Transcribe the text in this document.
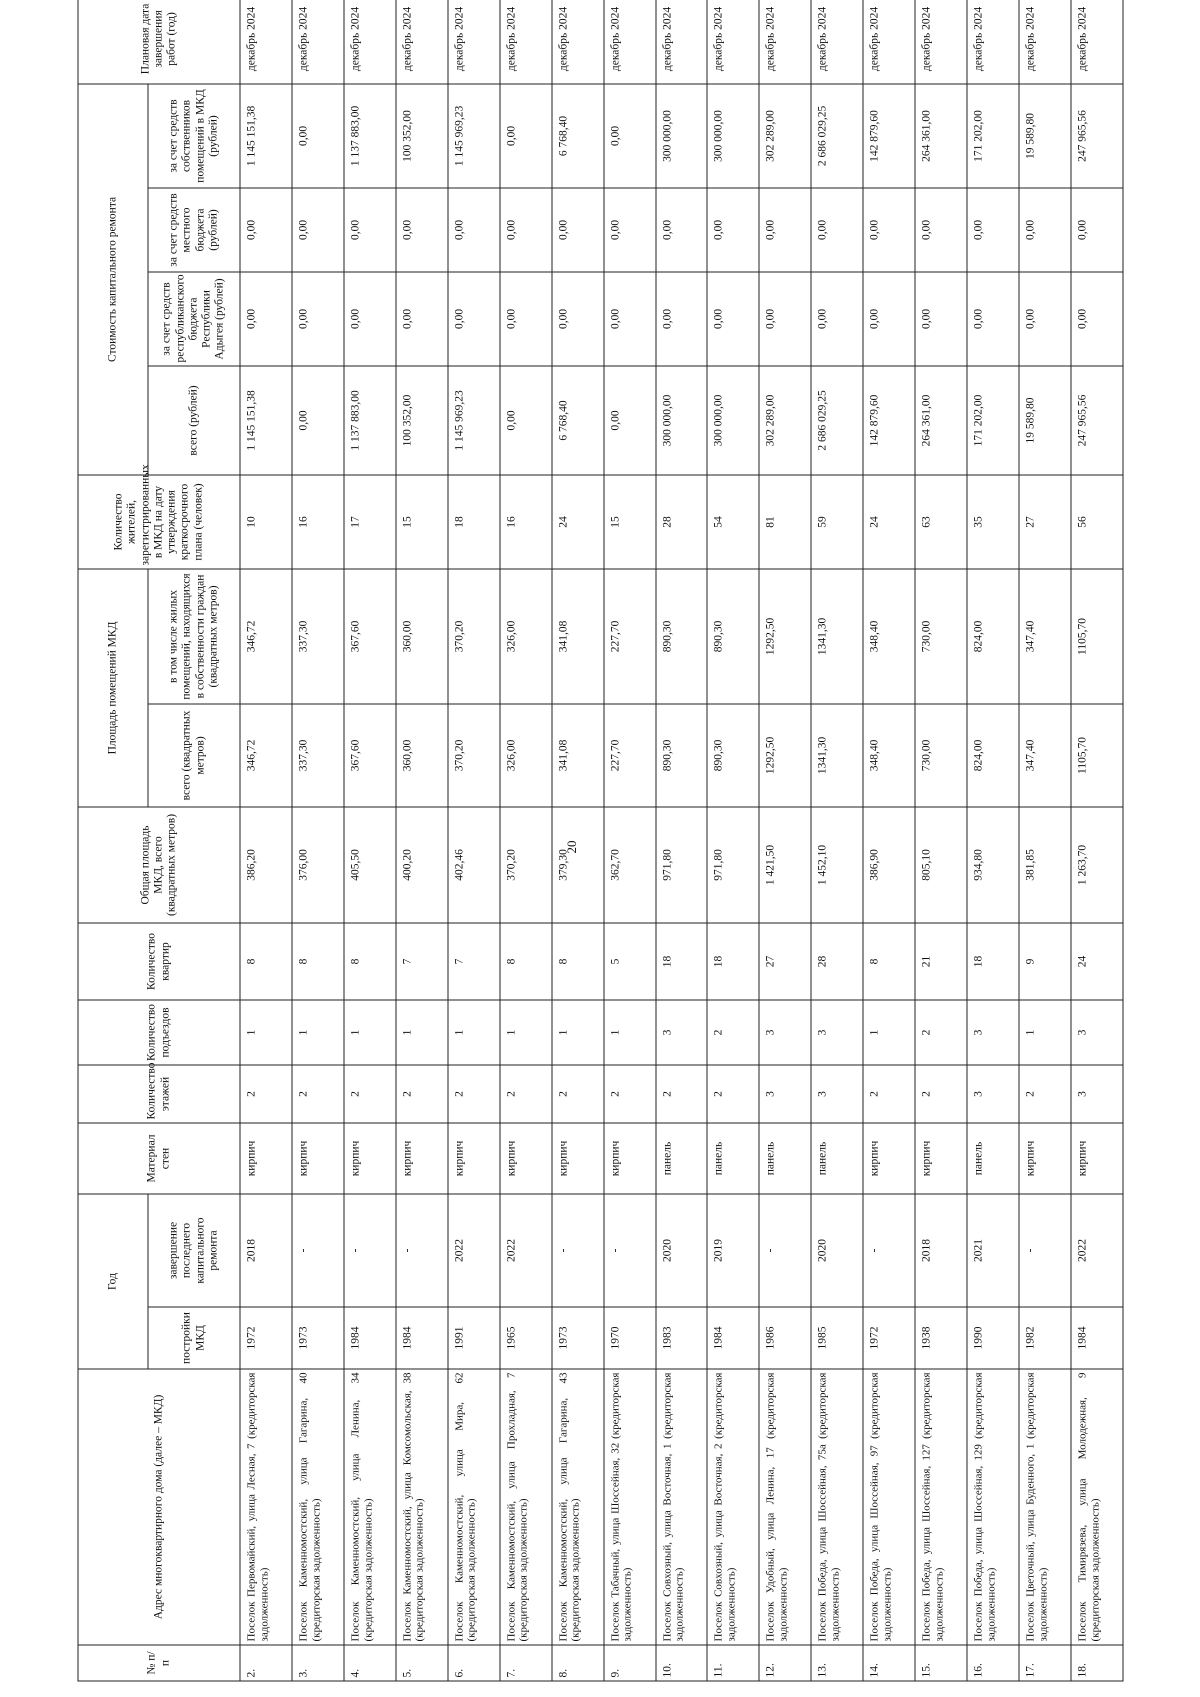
20
№ п/п	Адрес многоквартирного дома (далее – МКД)	Год		Материал стен	Количество этажей	Количество подъездов	Количество квартир	Общая площадь МКД, всего (квадратных метров)	Площадь помещений МКД		Количество жителей, зарегистрированных в МКД на дату утверждения краткосрочного плана (человек)	Стоимость капитального ремонта				Плановая дата завершения работ (год)
		постройки МКД	завершение последнего капитального ремонта						всего (квадратных метров)	в том числе жилых помещений, находящихся в собственности граждан (квадратных метров)		всего (рублей)	за счет средств республиканского бюджета Республики Адыгея (рублей)	за счет средств местного бюджета (рублей)	за счет средств собственников помещений в МКД (рублей)	
2.	Поселок Первомайский, улица Лесная, 7 (кредиторская задолженность)	1972	2018	кирпич	2	1	8	386,20	346,72	346,72	10	1 145 151,38	0,00	0,00	1 145 151,38	декабрь 2024
3.	Поселок Каменномостский, улица Гагарина, 40 (кредиторская задолженность)	1973	-	кирпич	2	1	8	376,00	337,30	337,30	16	0,00	0,00	0,00	0,00	декабрь 2024
4.	Поселок Каменномостский, улица Ленина, 34 (кредиторская задолженность)	1984	-	кирпич	2	1	8	405,50	367,60	367,60	17	1 137 883,00	0,00	0,00	1 137 883,00	декабрь 2024
5.	Поселок Каменномостский, улица Комсомольская, 38 (кредиторская задолженность)	1984	-	кирпич	2	1	7	400,20	360,00	360,00	15	100 352,00	0,00	0,00	100 352,00	декабрь 2024
6.	Поселок Каменномостский, улица Мира, 62 (кредиторская задолженность)	1991	2022	кирпич	2	1	7	402,46	370,20	370,20	18	1 145 969,23	0,00	0,00	1 145 969,23	декабрь 2024
7.	Поселок Каменномостский, улица Прохладная, 7 (кредиторская задолженность)	1965	2022	кирпич	2	1	8	370,20	326,00	326,00	16	0,00	0,00	0,00	0,00	декабрь 2024
8.	Поселок Каменномостский, улица Гагарина, 43 (кредиторская задолженность)	1973	-	кирпич	2	1	8	379,30	341,08	341,08	24	6 768,40	0,00	0,00	6 768,40	декабрь 2024
9.	Поселок Табачный, улица Шоссейная, 32 (кредиторская задолженность)	1970	-	кирпич	2	1	5	362,70	227,70	227,70	15	0,00	0,00	0,00	0,00	декабрь 2024
10.	Поселок Совхозный, улица Восточная, 1 (кредиторская задолженность)	1983	2020	панель	2	3	18	971,80	890,30	890,30	28	300 000,00	0,00	0,00	300 000,00	декабрь 2024
11.	Поселок Совхозный, улица Восточная, 2 (кредиторская задолженность)	1984	2019	панель	2	2	18	971,80	890,30	890,30	54	300 000,00	0,00	0,00	300 000,00	декабрь 2024
12.	Поселок Удобный, улица Ленина, 17 (кредиторская задолженность)	1986	-	панель	3	3	27	1 421,50	1292,50	1292,50	81	302 289,00	0,00	0,00	302 289,00	декабрь 2024
13.	Поселок Победа, улица Шоссейная, 75а (кредиторская задолженность)	1985	2020	панель	3	3	28	1 452,10	1341,30	1341,30	59	2 686 029,25	0,00	0,00	2 686 029,25	декабрь 2024
14.	Поселок Победа, улица Шоссейная, 97 (кредиторская задолженность)	1972	-	кирпич	2	1	8	386,90	348,40	348,40	24	142 879,60	0,00	0,00	142 879,60	декабрь 2024
15.	Поселок Победа, улица Шоссейная, 127 (кредиторская задолженность)	1938	2018	кирпич	2	2	21	805,10	730,00	730,00	63	264 361,00	0,00	0,00	264 361,00	декабрь 2024
16.	Поселок Победа, улица Шоссейная, 129 (кредиторская задолженность)	1990	2021	панель	3	3	18	934,80	824,00	824,00	35	171 202,00	0,00	0,00	171 202,00	декабрь 2024
17.	Поселок Цветочный, улица Буденного, 1 (кредиторская задолженность)	1982	-	кирпич	2	1	9	381,85	347,40	347,40	27	19 589,80	0,00	0,00	19 589,80	декабрь 2024
18.	Поселок Тимирязева, улица Молодежная, 9 (кредиторская задолженность)	1984	2022	кирпич	3	3	24	1 263,70	1105,70	1105,70	56	247 965,56	0,00	0,00	247 965,56	декабрь 2024
